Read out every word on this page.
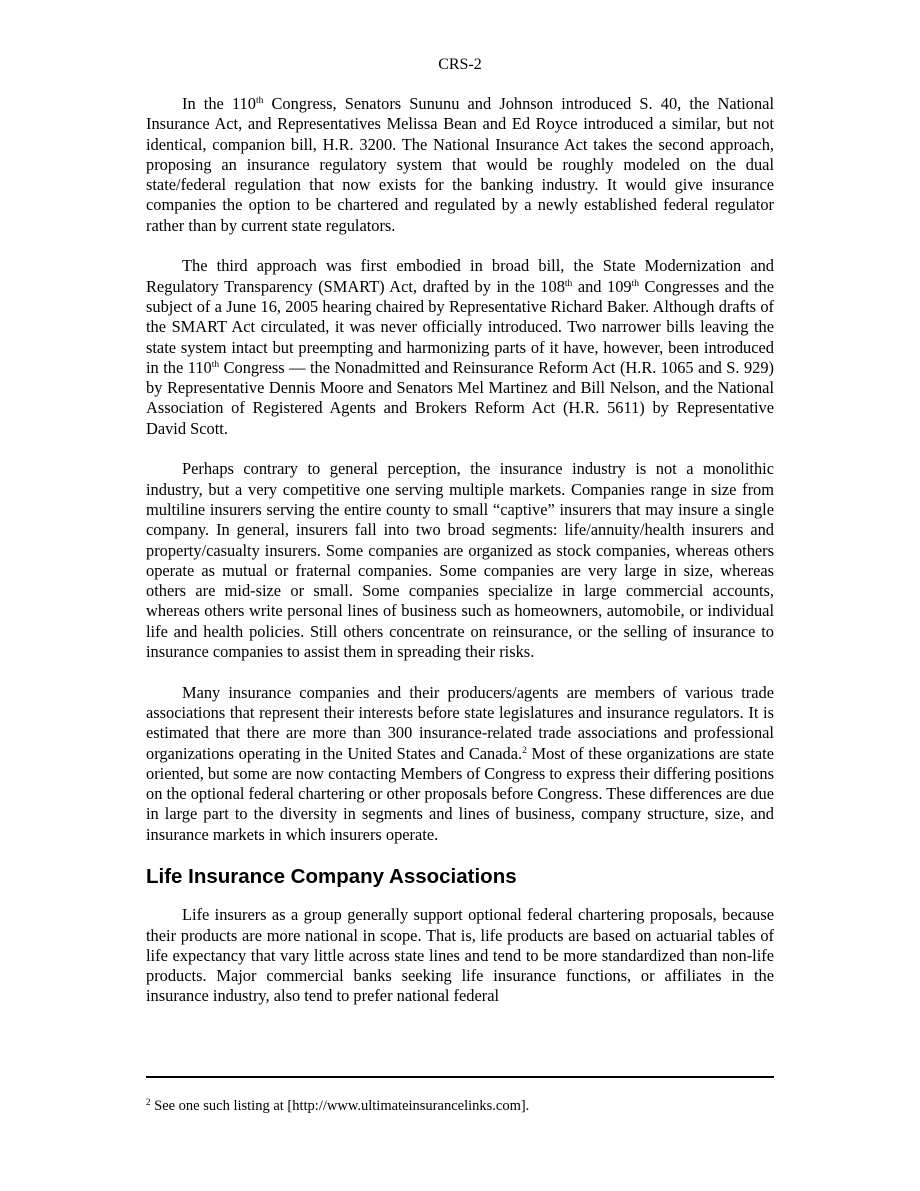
CRS-2

In the 110th Congress, Senators Sununu and Johnson introduced S. 40, the National Insurance Act, and Representatives Melissa Bean and Ed Royce introduced a similar, but not identical, companion bill, H.R. 3200. The National Insurance Act takes the second approach, proposing an insurance regulatory system that would be roughly modeled on the dual state/federal regulation that now exists for the banking industry. It would give insurance companies the option to be chartered and regulated by a newly established federal regulator rather than by current state regulators.

The third approach was first embodied in broad bill, the State Modernization and Regulatory Transparency (SMART) Act, drafted by in the 108th and 109th Congresses and the subject of a June 16, 2005 hearing chaired by Representative Richard Baker. Although drafts of the SMART Act circulated, it was never officially introduced. Two narrower bills leaving the state system intact but preempting and harmonizing parts of it have, however, been introduced in the 110th Congress — the Nonadmitted and Reinsurance Reform Act (H.R. 1065 and S. 929) by Representative Dennis Moore and Senators Mel Martinez and Bill Nelson, and the National Association of Registered Agents and Brokers Reform Act (H.R. 5611) by Representative David Scott.

Perhaps contrary to general perception, the insurance industry is not a monolithic industry, but a very competitive one serving multiple markets. Companies range in size from multiline insurers serving the entire county to small “captive” insurers that may insure a single company. In general, insurers fall into two broad segments: life/annuity/health insurers and property/casualty insurers. Some companies are organized as stock companies, whereas others operate as mutual or fraternal companies. Some companies are very large in size, whereas others are mid-size or small. Some companies specialize in large commercial accounts, whereas others write personal lines of business such as homeowners, automobile, or individual life and health policies. Still others concentrate on reinsurance, or the selling of insurance to insurance companies to assist them in spreading their risks.

Many insurance companies and their producers/agents are members of various trade associations that represent their interests before state legislatures and insurance regulators. It is estimated that there are more than 300 insurance-related trade associations and professional organizations operating in the United States and Canada.$^2$ Most of these organizations are state oriented, but some are now contacting Members of Congress to express their differing positions on the optional federal chartering or other proposals before Congress. These differences are due in large part to the diversity in segments and lines of business, company structure, size, and insurance markets in which insurers operate.

Life Insurance Company Associations

Life insurers as a group generally support optional federal chartering proposals, because their products are more national in scope. That is, life products are based on actuarial tables of life expectancy that vary little across state lines and tend to be more standardized than non-life products. Major commercial banks seeking life insurance functions, or affiliates in the insurance industry, also tend to prefer national federal

$^2$ See one such listing at [http://www.ultimateinsurancelinks.com].
